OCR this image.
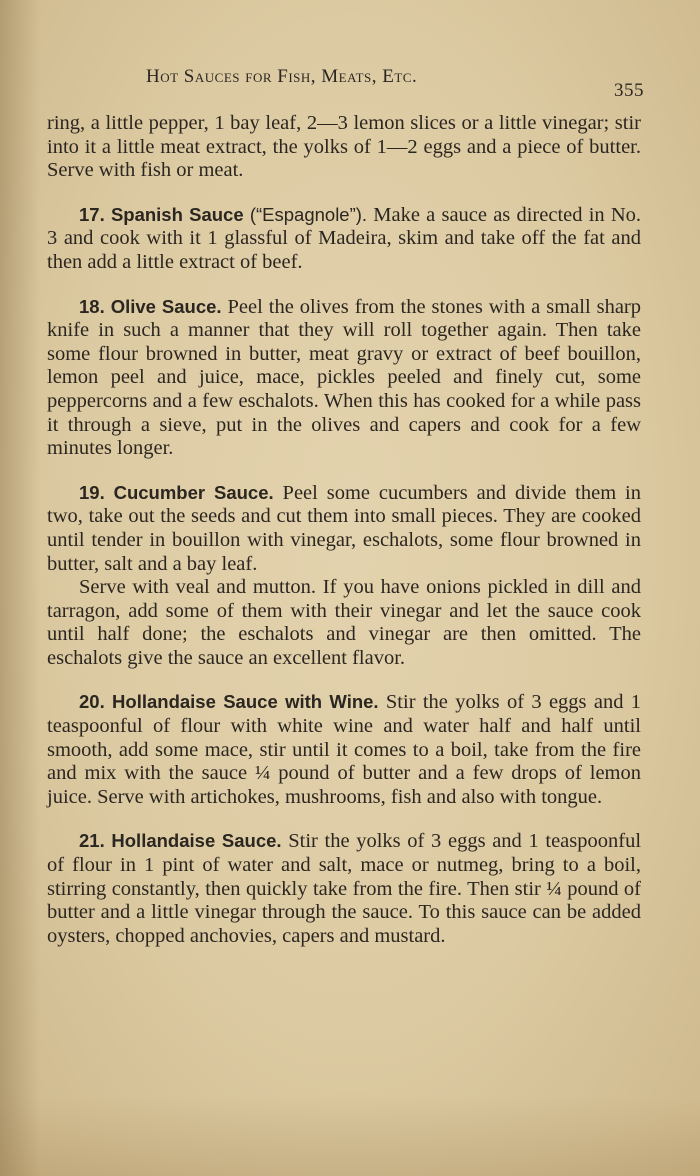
Hot Sauces for Fish, Meats, Etc.
355

ring, a little pepper, 1 bay leaf, 2—3 lemon slices or a little vinegar; stir into it a little meat extract, the yolks of 1—2 eggs and a piece of butter. Serve with fish or meat.

17. Spanish Sauce (“Espagnole”). Make a sauce as directed in No. 3 and cook with it 1 glassful of Madeira, skim and take off the fat and then add a little extract of beef.

18. Olive Sauce. Peel the olives from the stones with a small sharp knife in such a manner that they will roll together again. Then take some flour browned in butter, meat gravy or extract of beef bouillon, lemon peel and juice, mace, pickles peeled and finely cut, some peppercorns and a few eschalots. When this has cooked for a while pass it through a sieve, put in the olives and capers and cook for a few minutes longer.

19. Cucumber Sauce. Peel some cucumbers and divide them in two, take out the seeds and cut them into small pieces. They are cooked until tender in bouillon with vinegar, eschalots, some flour browned in butter, salt and a bay leaf.

Serve with veal and mutton. If you have onions pickled in dill and tarragon, add some of them with their vinegar and let the sauce cook until half done; the eschalots and vinegar are then omitted. The eschalots give the sauce an excellent flavor.

20. Hollandaise Sauce with Wine. Stir the yolks of 3 eggs and 1 teaspoonful of flour with white wine and water half and half until smooth, add some mace, stir until it comes to a boil, take from the fire and mix with the sauce ¼ pound of butter and a few drops of lemon juice. Serve with artichokes, mushrooms, fish and also with tongue.

21. Hollandaise Sauce. Stir the yolks of 3 eggs and 1 teaspoonful of flour in 1 pint of water and salt, mace or nutmeg, bring to a boil, stirring constantly, then quickly take from the fire. Then stir ¼ pound of butter and a little vinegar through the sauce. To this sauce can be added oysters, chopped anchovies, capers and mustard.
